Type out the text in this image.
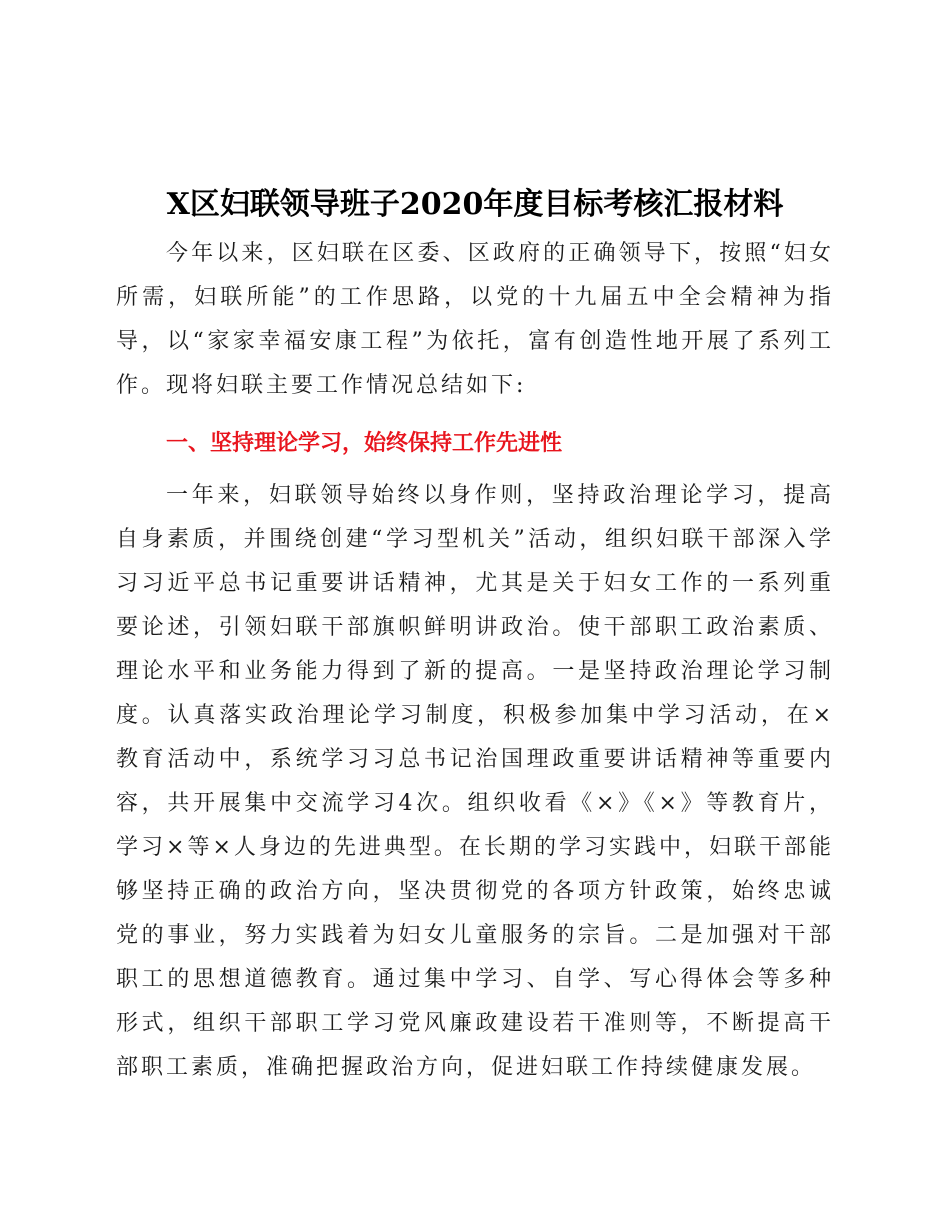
X区妇联领导班子2020年度目标考核汇报材料
今年以来，区妇联在区委、区政府的正确领导下，按照“妇女所需，妇联所能”的工作思路，以党的十九届五中全会精神为指导，以“家家幸福安康工程”为依托，富有创造性地开展了系列工作。现将妇联主要工作情况总结如下:
一、坚持理论学习，始终保持工作先进性
一年来，妇联领导始终以身作则，坚持政治理论学习，提高自身素质，并围绕创建“学习型机关”活动，组织妇联干部深入学习习近平总书记重要讲话精神，尤其是关于妇女工作的一系列重要论述，引领妇联干部旗帜鲜明讲政治。使干部职工政治素质、理论水平和业务能力得到了新的提高。一是坚持政治理论学习制度。认真落实政治理论学习制度，积极参加集中学习活动，在×教育活动中，系统学习习总书记治国理政重要讲话精神等重要内容，共开展集中交流学习4次。组织收看《×》《×》等教育片，学习×等×人身边的先进典型。在长期的学习实践中，妇联干部能够坚持正确的政治方向，坚决贯彻党的各项方针政策，始终忠诚党的事业，努力实践着为妇女儿童服务的宗旨。二是加强对干部职工的思想道德教育。通过集中学习、自学、写心得体会等多种形式，组织干部职工学习党风廉政建设若干准则等，不断提高干部职工素质，准确把握政治方向，促进妇联工作持续健康发展。
